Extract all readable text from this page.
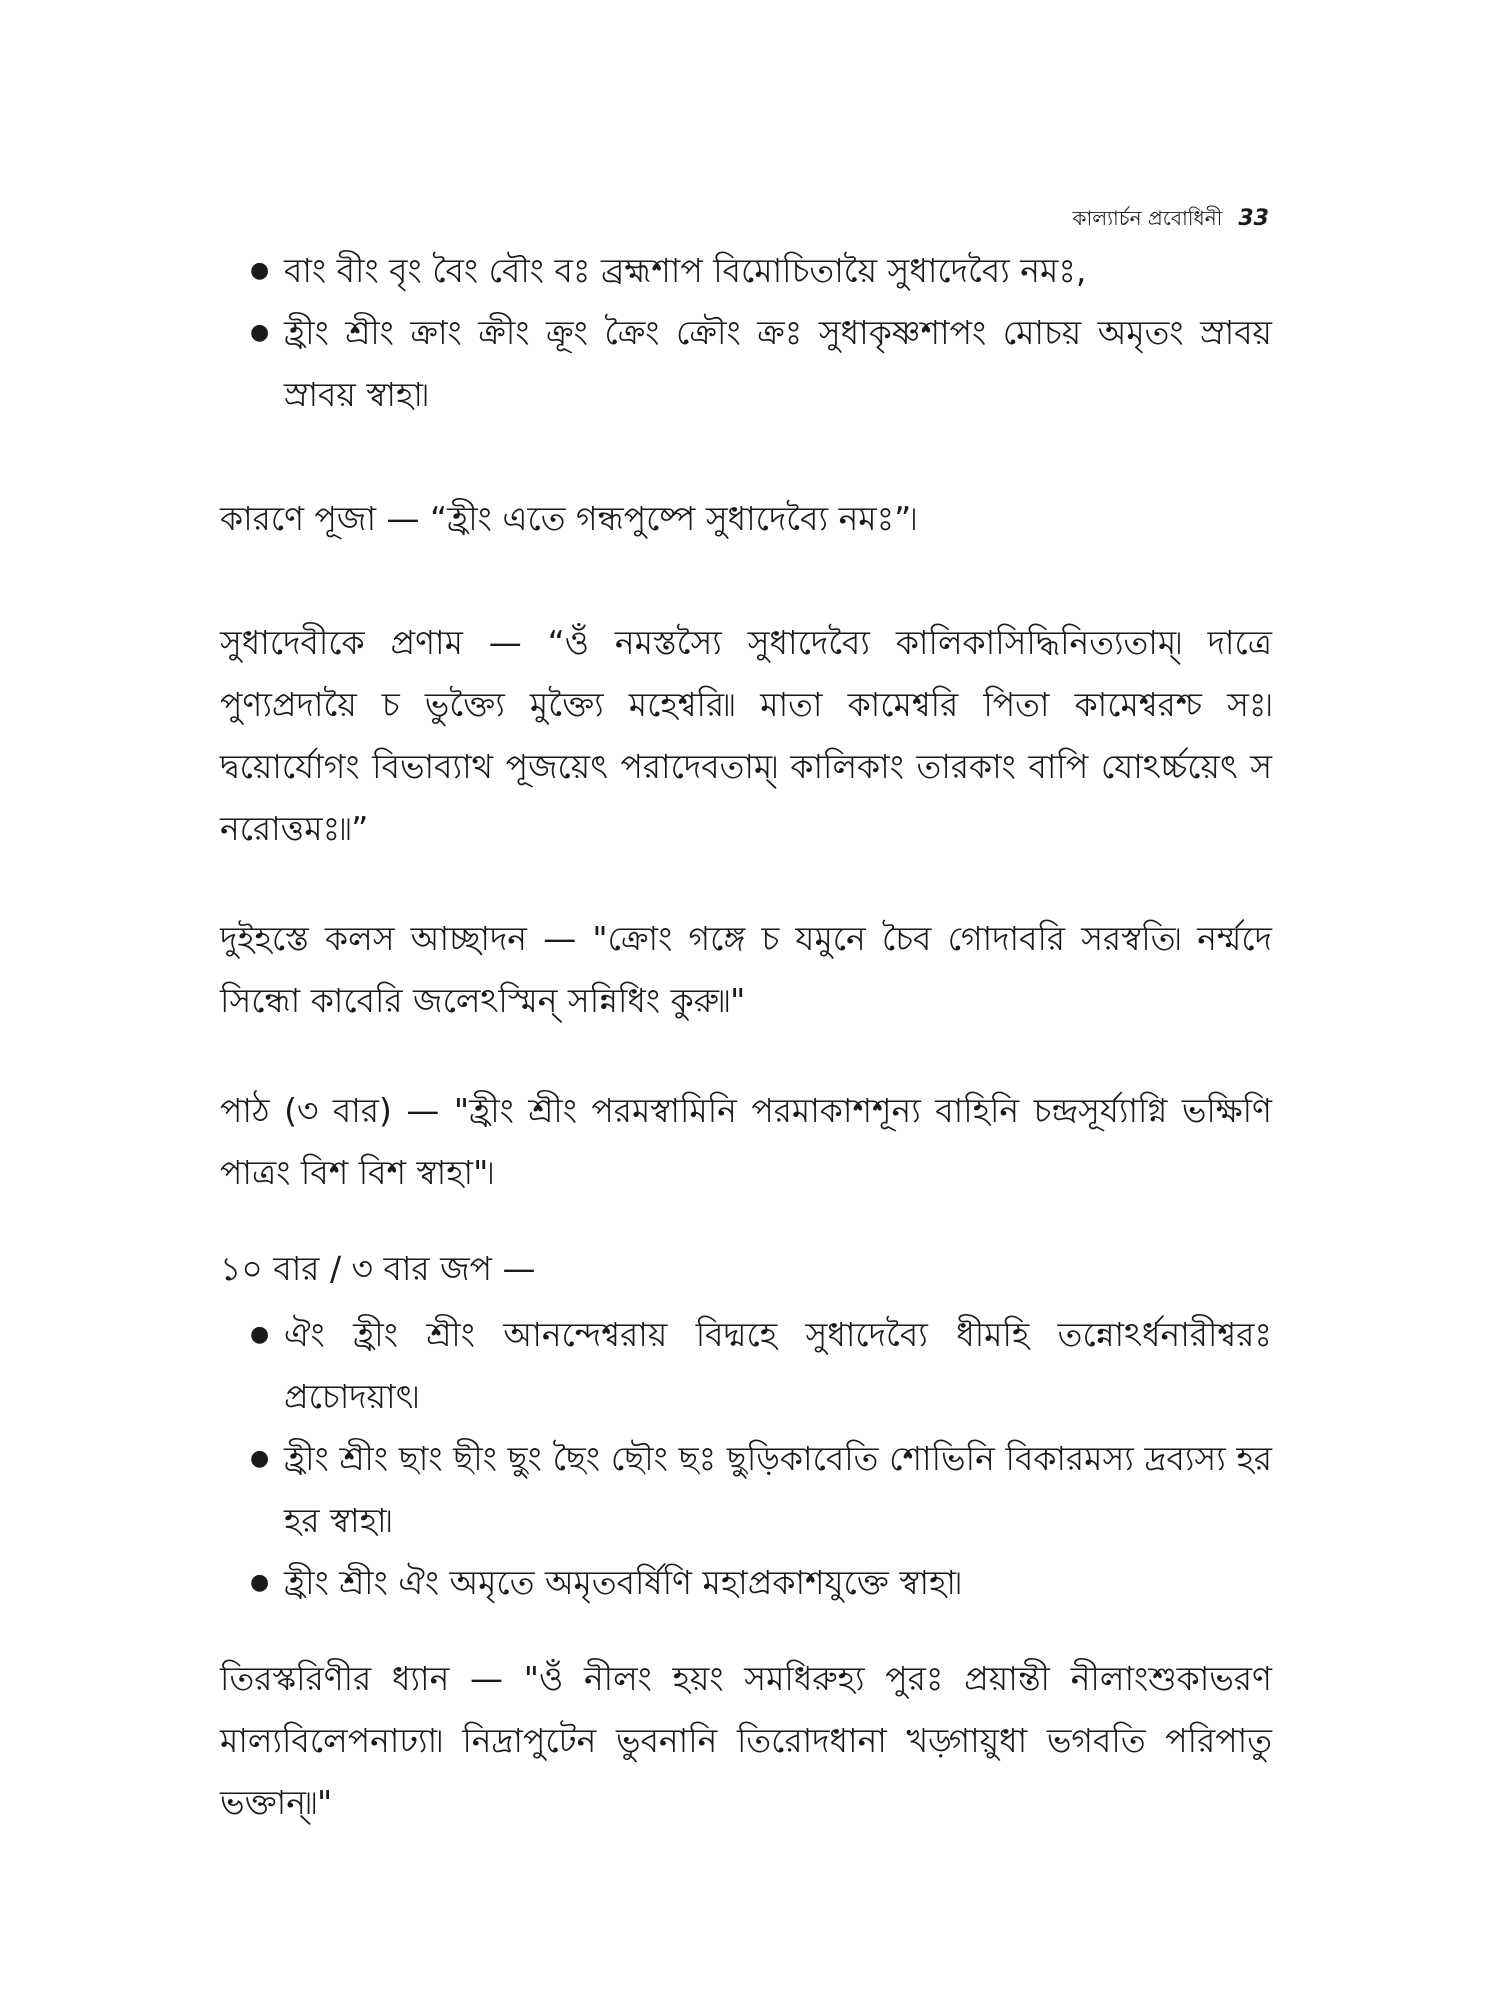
কাল্যার্চন প্রবোধিনী 33
● বাং বীং বৃং বৈং বৌং বঃ ব্রহ্মশাপ বিমোচিতায়ৈ সুধাদেব্যৈ নমঃ,
● হ্রীং শ্রীং ক্রাং ক্রীং ক্রূং ক্রৈং ক্রৌং ক্রঃ সুধাকৃষ্ণশাপং মোচয় অমৃতং স্রাবয় স্রাবয় স্বাহা৷

কারণে পূজা — “হ্রীং এতে গন্ধপুষ্পে সুধাদেব্যৈ নমঃ”৷

সুধাদেবীকে প্রণাম — “ওঁ নমস্তস্যৈ সুধাদেব্যৈ কালিকাসিদ্ধিনিত্যতাম্৷ দাত্রে পুণ্যপ্রদায়ৈ চ ভুক্ত্যৈ মুক্ত্যৈ মহেশ্বরি৷৷ মাতা কামেশ্বরি পিতা কামেশ্বরশ্চ সঃ৷ দ্বয়োর্যোগং বিভাব্যাথ পূজয়েৎ পরাদেবতাম্৷ কালিকাং তারকাং বাপি যোঽর্চ্চয়েৎ স নরোত্তমঃ৷৷”

দুইহস্তে কলস আচ্ছাদন — "ক্রোং গঙ্গে চ যমুনে চৈব গোদাবরি সরস্বতি৷ নর্ম্মদে সিন্ধো কাবেরি জলেঽস্মিন্ সন্নিধিং কুরু৷৷"

পাঠ (৩ বার) — "হ্রীং শ্রীং পরমস্বামিনি পরমাকাশশূন্য বাহিনি চন্দ্রসূর্য্যাগ্নি ভক্ষিণি পাত্রং বিশ বিশ স্বাহা"৷

১০ বার / ৩ বার জপ —

● ঐং হ্রীং শ্রীং আনন্দেশ্বরায় বিদ্মহে সুধাদেব্যৈ ধীমহি তন্নোঽর্ধনারীশ্বরঃ প্রচোদয়াৎ৷
● হ্রীং শ্রীং ছাং ছীং ছুং ছৈং ছৌং ছঃ ছুড়িকাবেতি শোভিনি বিকারমস্য দ্রব্যস্য হর হর স্বাহা৷
● হ্রীং শ্রীং ঐং অমৃতে অমৃতবর্ষিণি মহাপ্রকাশযুক্তে স্বাহা৷

তিরস্করিণীর ধ্যান — "ওঁ নীলং হয়ং সমধিরুহ্য পুরঃ প্রয়ান্তী নীলাংশুকাভরণ মাল্যবিলেপনাঢ্যা৷ নিদ্রাপুটেন ভুবনানি তিরোদধানা খড়্গায়ুধা ভগবতি পরিপাতু ভক্তান্৷৷"
